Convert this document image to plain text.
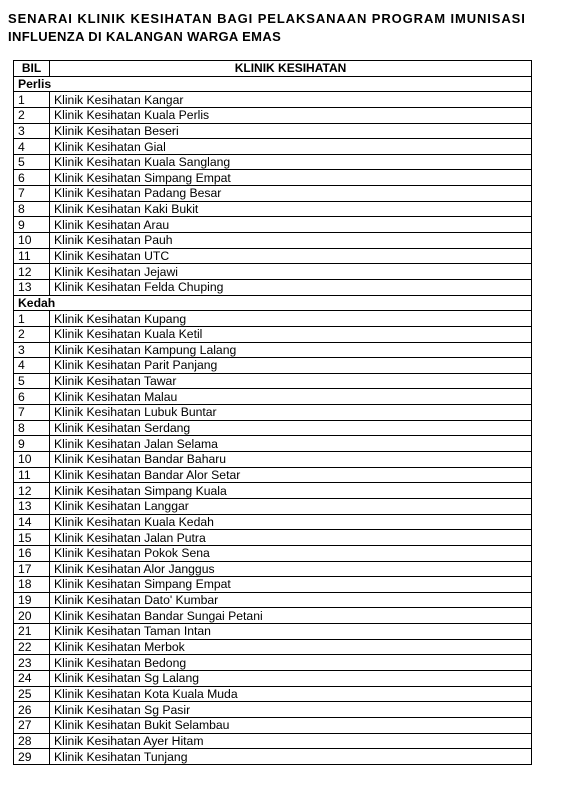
SENARAI KLINIK KESIHATAN BAGI PELAKSANAAN PROGRAM IMUNISASI
INFLUENZA DI KALANGAN WARGA EMAS
BIL	KLINIK KESIHATAN
Perlis	
1	Klinik Kesihatan Kangar
2	Klinik Kesihatan Kuala Perlis
3	Klinik Kesihatan Beseri
4	Klinik Kesihatan Gial
5	Klinik Kesihatan Kuala Sanglang
6	Klinik Kesihatan Simpang Empat
7	Klinik Kesihatan Padang Besar
8	Klinik Kesihatan Kaki Bukit
9	Klinik Kesihatan Arau
10	Klinik Kesihatan Pauh
11	Klinik Kesihatan UTC
12	Klinik Kesihatan Jejawi
13	Klinik Kesihatan Felda Chuping
Kedah	
1	Klinik Kesihatan Kupang
2	Klinik Kesihatan Kuala Ketil
3	Klinik Kesihatan Kampung Lalang
4	Klinik Kesihatan Parit Panjang
5	Klinik Kesihatan Tawar
6	Klinik Kesihatan Malau
7	Klinik Kesihatan Lubuk Buntar
8	Klinik Kesihatan Serdang
9	Klinik Kesihatan Jalan Selama
10	Klinik Kesihatan Bandar Baharu
11	Klinik Kesihatan Bandar Alor Setar
12	Klinik Kesihatan Simpang Kuala
13	Klinik Kesihatan Langgar
14	Klinik Kesihatan Kuala Kedah
15	Klinik Kesihatan Jalan Putra
16	Klinik Kesihatan Pokok Sena
17	Klinik Kesihatan Alor Janggus
18	Klinik Kesihatan Simpang Empat
19	Klinik Kesihatan Dato' Kumbar
20	Klinik Kesihatan Bandar Sungai Petani
21	Klinik Kesihatan Taman Intan
22	Klinik Kesihatan Merbok
23	Klinik Kesihatan Bedong
24	Klinik Kesihatan Sg Lalang
25	Klinik Kesihatan Kota Kuala Muda
26	Klinik Kesihatan Sg Pasir
27	Klinik Kesihatan Bukit Selambau
28	Klinik Kesihatan Ayer Hitam
29	Klinik Kesihatan Tunjang
